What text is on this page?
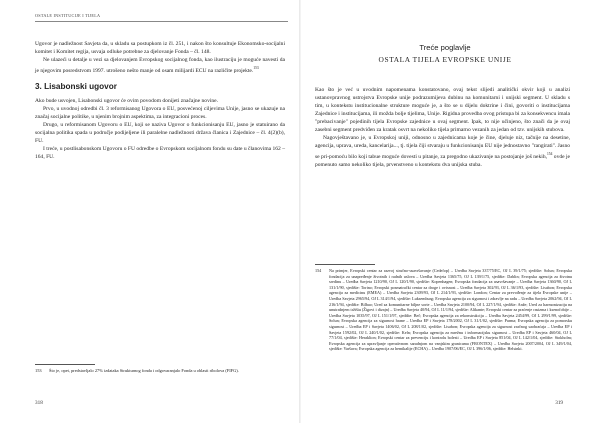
OSTALE INSTITUCIJE I TIJELA

Ugovor je nadležnost Savjeta da, u skladu sa postupkom iz čl. 251, i nakon što konsultuje Ekonomsko-socijalni komitet i Komitet regija, usvaja odluke potrebne za djelovanje Fonda – čl. 148.

Ne ulazeći u detalje u vezi sa djelovanjem Evropskog socijalnog fonda, kao ilustraciju je moguće navesti da je njegovim posredstvom 1997. utrošeno nešto manje od osam milijardi ECU na različite projekte.$^{153}$

3. Lisabonski ugovor

Ako bude usvojen, Lisabonski ugovor će ovim povodom donijeti značajne novine.

Prvo, u uvodnoj odredbi čl. 3 reformisanog Ugovora o EU, posvećenoj ciljevima Unije, jasno se ukazuje na značaj socijalne politike, u njenim brojnim aspektima, za integracioni proces.

Drugo, u reformisanom Ugovoru o EU, koji se naziva Ugovor o funkcionisanju EU, jasno je statuirano da socijalna politika spada u područje podijeljene ili paralelne nadležnosti država članica i Zajednice – čl. 4(2)(b), FU.

I treće, u postlisabonskom Ugovoru o FU odredbe o Evropskom socijalnom fondu su date u članovima 162 – 164, FU.

153	Što je, opet, predstavljalo 27% izdataka Strukturnog fonda i odgovaranjalo Fonda u oblasti ribolova (FIFG).
318
Treće poglavlje
OSTALA TIJELA EVROPSKE UNIJE

Kao što je već u uvodnim napomenama konstatovano, ovaj tekst slijedi analitički okvir koji u analizi ustanovpravnog ustrojstva Evropske unije podrazumijeva dubinu na komunitarni i unijski segment. U skladu s tim, u kontekstu institucionalne strukture moguće je, a što se u dijelu doktrine i čini, govoriti o institucijama Zajednice i institucijama, ili možda bolje tijelima, Unije. Rigidna provedba ovog pristupa bi za konsekvencu imala "prebacivanje" pojedinih tijela Evropske zajednice u ovaj segment. Ipak, to nije učinjeno, što znači da je ovaj zasebni segment predviđen za kratak osvrt na nekoliko tijela primarno vezanih za jedan od tzv. unijskih stubova.

Nagovještavano je, u Evropskoj uniji, odnosno u zajednicama koje je čine, djeluje niz, tačnije na desetine, agencija, uprava, ureda, kancelarija..., tj. tijela čiji stvaraju u funkcionisanju EU nije jednostavno "rangirati". Jasno se pri-pomoću bilo koji tabue moguće dovesti u pitanje, za pregodno ukazivanje na postojanje još nekih,$^{154}$ ovde je pomenuto samo nekoliko tijela, prvenstveno u kontekstu dva unijska stuba.

154	Na primjer, Evropski centar za razvoj stručno-usavršavanje (Cedefop) – Uredba Savjeta 337/75/EC, OJ L 39/1/75; sjedište: Solun; Evropska fondacija za unapređenje životnih i radnih uslova – Uredba Savjeta 1365/75, OJ L 139/1/75, sjedište: Dablin; Evropska agencija za životnu sredinu – Uredba Savjeta 1210/90, OJ L 120/1/90, sjedište: Kopenhagen; Evropska fondacija za usavršavanje – Uredba Savjeta 1360/90, OJ L 131/1/90, sjedište: Torino; Evropski posmatrački centar za droge i ovisnost – Uredba Savjeta 302/93, OJ L 36/1/93, sjedište: Lisabon; Evropska agencija za medicinu (EMEA) – Uredba Savjeta 2309/93, OJ L 214/1/93, sjedište: London; Centar za prevođenje za tijela Evropske unije – Uredba Savjeta 2965/94, OJ L 314/1/94, sjedište: Luksemburg; Evropska agencija za sigurnost i zdravlje na radu – Uredba Savjeta 2062/94, OJ L 216/1/94, sjedište: Bilbao; Ured za komunitarne biljne sorte – Uredba Savjeta 2100/94, OJ L 227/1/94, sjedište: Anže; Ured za harmonizaciju na unutrašnjem tržištu (Žigovi i dizajn) – Uredba Savjeta 40/94, OJ L 11/1/94, sjedište: Alikante; Evropski centar za praćenje rasizma i ksenofobije – Uredba Savjeta 1035/97, OJ L 151/1/97, sjedište: Beč; Evropska agencija za rekonstrukciju – Uredba Savjeta 2454/99, OJ L 299/1/99, sjedište: Solun; Evropska agencija za sigurnost hrane – Uredba EP i Savjeta 178/2002, OJ L 31/1/02, sjedište: Parma; Evropska agencija za pomorsku sigurnost – Uredba EP i Savjeta 1406/02, OJ L 208/1/02, sjedište: Lisabon; Evropska agencija za sigurnost zračnog saobraćaja – Uredba EP i Savjeta 1592/02, OJ L 240/1/02, sjedište: Keln; Evropska agencija za mrežnu i informacijsku sigurnost – Uredba EP i Savjeta 460/04, OJ L 77/1/04, sjedište: Heraklion; Evropski centar za prevenciju i kontrolu bolesti – Uredba EP i Savjeta 851/04, OJ L 142/1/04, sjedište: Stokholm; Evropska agencija za upravljanje operativnom saradnjom na vanjskim granicama (FRONTEX) – Uredba Savjeta 2007/2004, OJ L 349/1/04, sjedište: Varšava; Evropska agencija za hemikalije (ECHA) – Uredba 1907/06/EC, OJ L 396/1/06, sjedište: Helsinki.
319
